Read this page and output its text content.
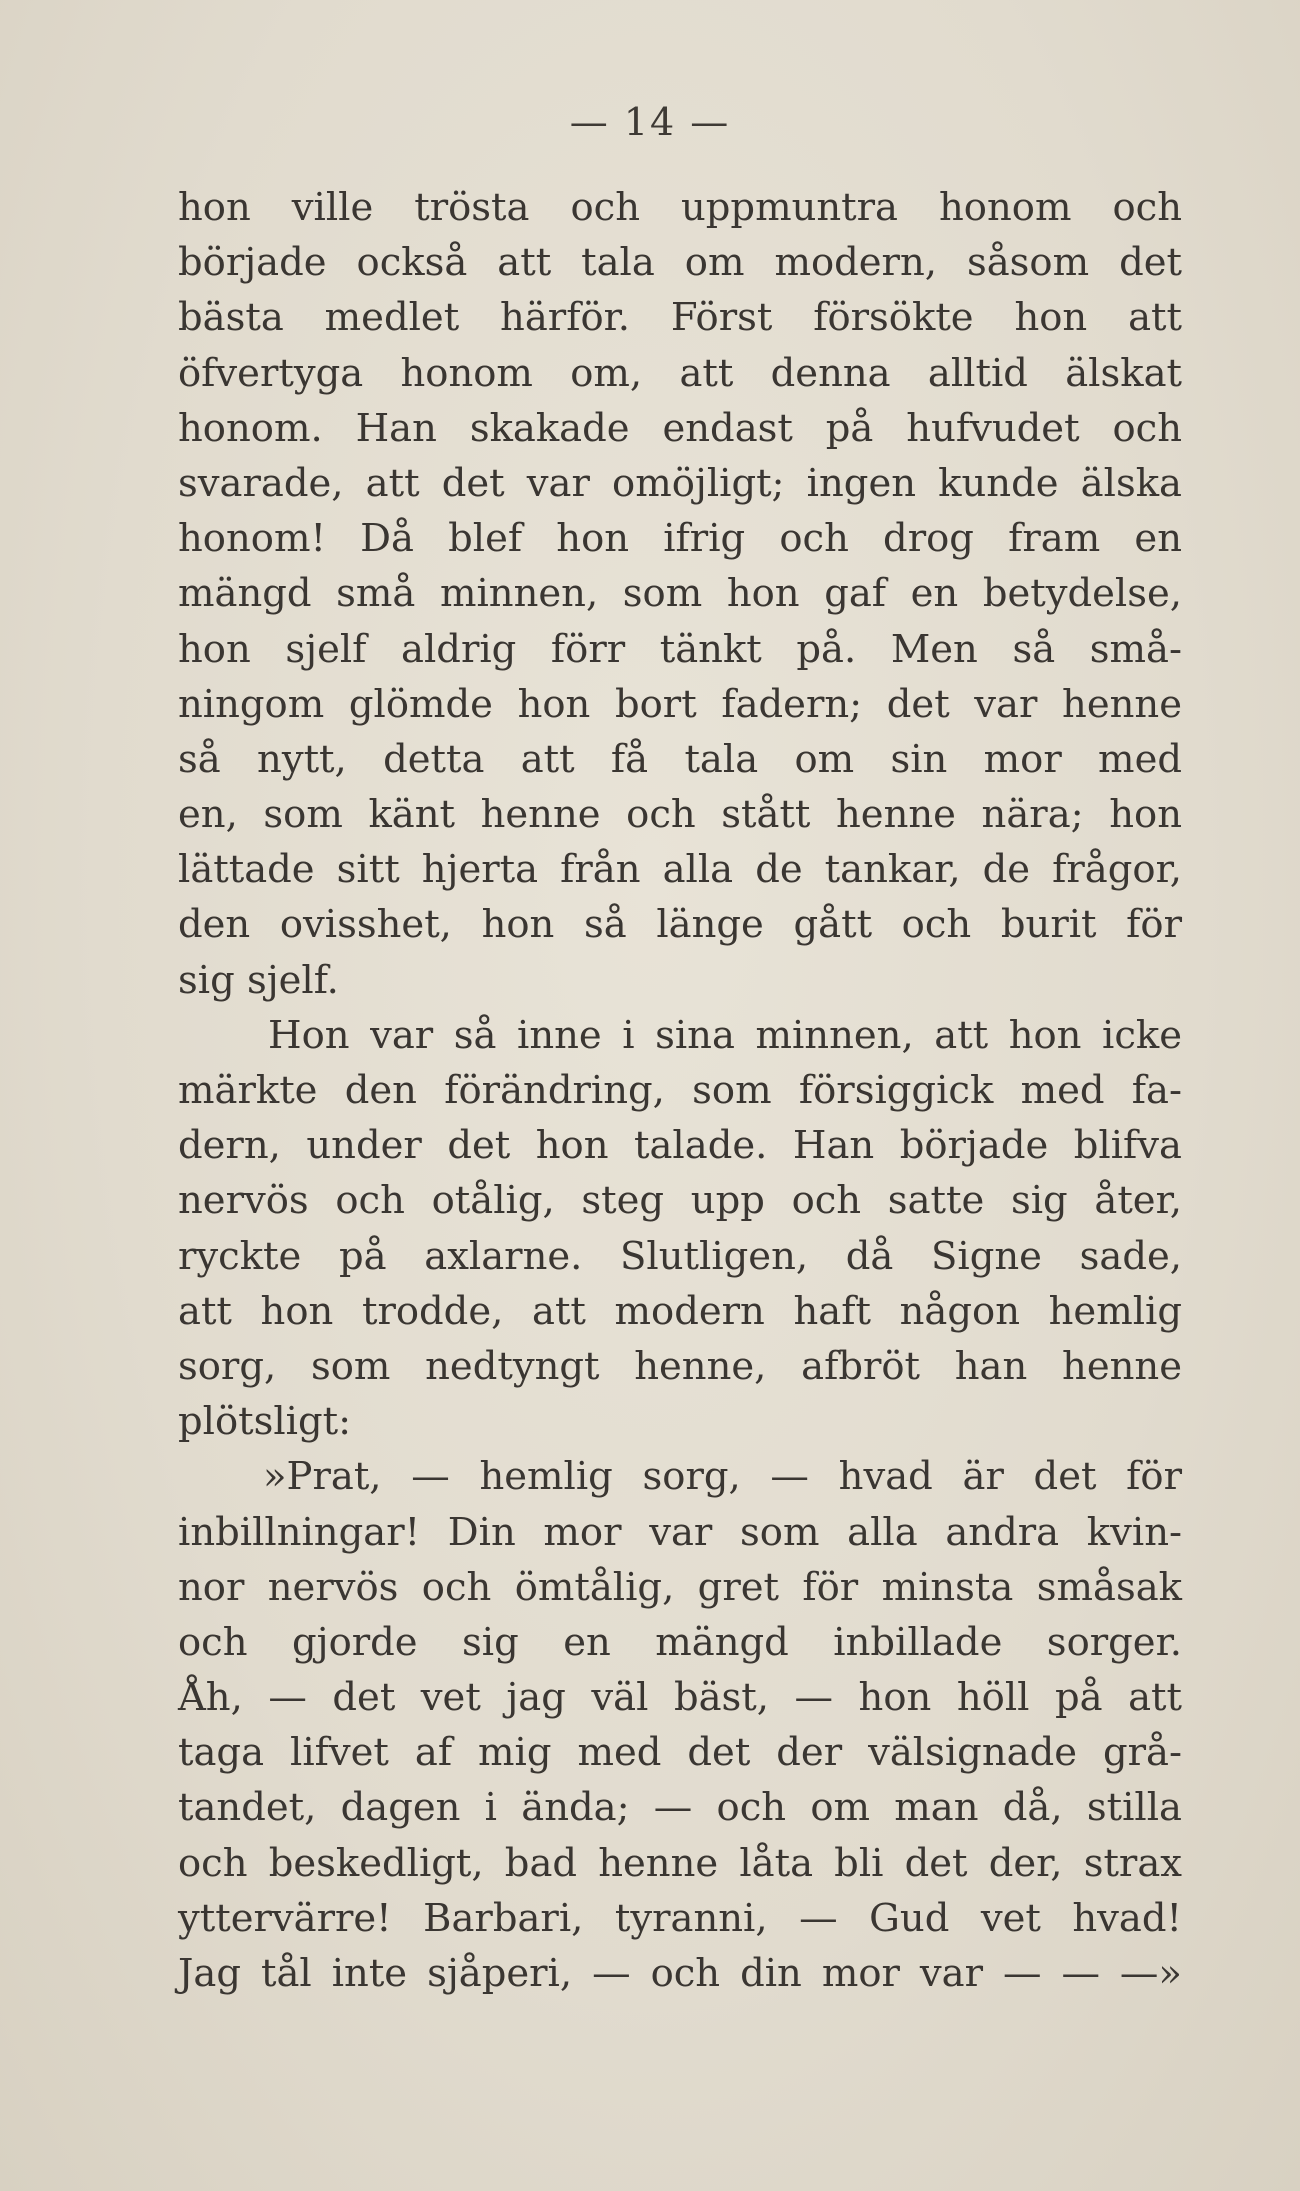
— 14 —
hon ville trösta och uppmuntra honom och
började också att tala om modern, såsom det
bästa medlet härför. Först försökte hon att
öfvertyga honom om, att denna alltid älskat
honom. Han skakade endast på hufvudet och
svarade, att det var omöjligt; ingen kunde älska
honom! Då blef hon ifrig och drog fram en
mängd små minnen, som hon gaf en betydelse,
hon sjelf aldrig förr tänkt på. Men så små-
ningom glömde hon bort fadern; det var henne
så nytt, detta att få tala om sin mor med
en, som känt henne och stått henne nära; hon
lättade sitt hjerta från alla de tankar, de frågor,
den ovisshet, hon så länge gått och burit för
sig sjelf.
Hon var så inne i sina minnen, att hon icke
märkte den förändring, som försiggick med fa-
dern, under det hon talade. Han började blifva
nervös och otålig, steg upp och satte sig åter,
ryckte på axlarne. Slutligen, då Signe sade,
att hon trodde, att modern haft någon hemlig
sorg, som nedtyngt henne, afbröt han henne
plötsligt:
»Prat, — hemlig sorg, — hvad är det för
inbillningar! Din mor var som alla andra kvin-
nor nervös och ömtålig, gret för minsta småsak
och gjorde sig en mängd inbillade sorger.
Åh, — det vet jag väl bäst, — hon höll på att
taga lifvet af mig med det der välsignade grå-
tandet, dagen i ända; — och om man då, stilla
och beskedligt, bad henne låta bli det der, strax
yttervärre! Barbari, tyranni, — Gud vet hvad!
Jag tål inte sjåperi, — och din mor var — — —»
